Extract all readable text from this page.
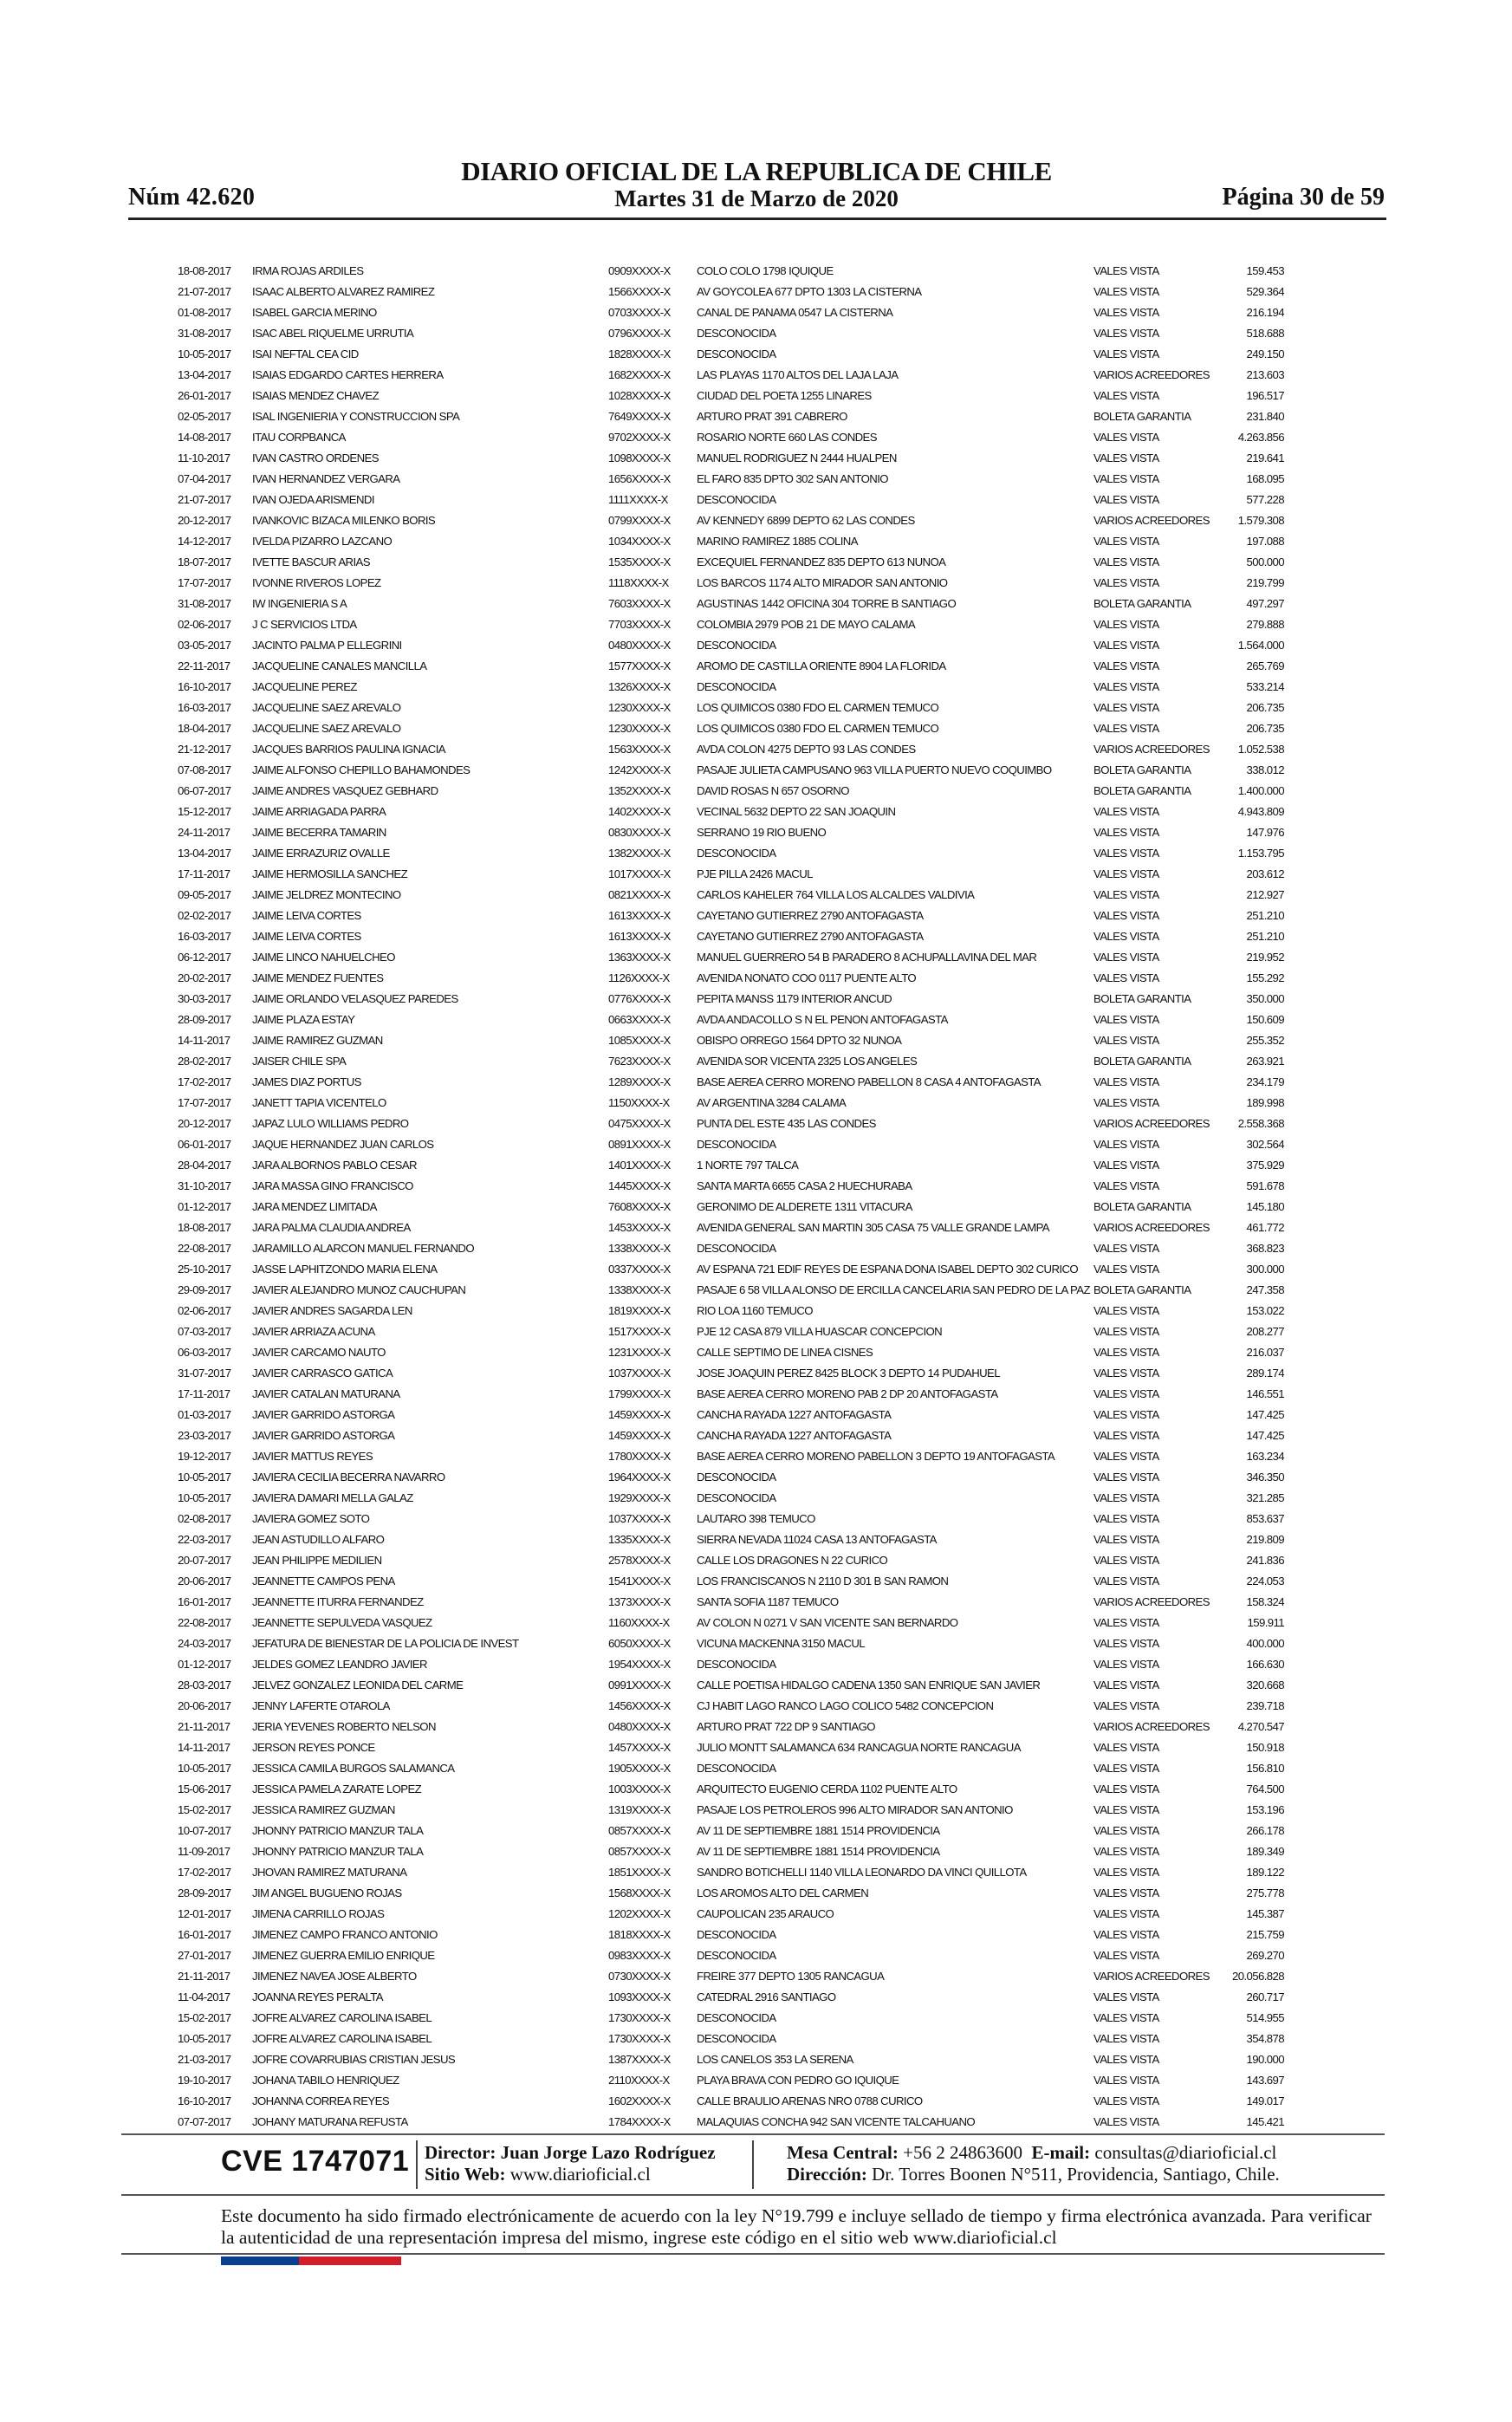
Núm 42.620
DIARIO OFICIAL DE LA REPUBLICA DE CHILE
Martes 31 de Marzo de 2020	Página 30 de 59
18-08-2017	IRMA ROJAS ARDILES	0909XXXX-X	COLO COLO 1798 IQUIQUE	VALES VISTA	159.453
21-07-2017	ISAAC ALBERTO ALVAREZ RAMIREZ	1566XXXX-X	AV GOYCOLEA 677 DPTO 1303 LA CISTERNA	VALES VISTA	529.364
01-08-2017	ISABEL GARCIA MERINO	0703XXXX-X	CANAL DE PANAMA 0547 LA CISTERNA	VALES VISTA	216.194
31-08-2017	ISAC ABEL RIQUELME URRUTIA	0796XXXX-X	DESCONOCIDA	VALES VISTA	518.688
10-05-2017	ISAI NEFTAL CEA CID	1828XXXX-X	DESCONOCIDA	VALES VISTA	249.150
13-04-2017	ISAIAS EDGARDO CARTES HERRERA	1682XXXX-X	LAS PLAYAS 1170 ALTOS DEL LAJA LAJA	VARIOS ACREEDORES	213.603
26-01-2017	ISAIAS MENDEZ CHAVEZ	1028XXXX-X	CIUDAD DEL POETA 1255 LINARES	VALES VISTA	196.517
02-05-2017	ISAL INGENIERIA Y CONSTRUCCION SPA	7649XXXX-X	ARTURO PRAT 391 CABRERO	BOLETA GARANTIA	231.840
14-08-2017	ITAU CORPBANCA	9702XXXX-X	ROSARIO NORTE 660 LAS CONDES	VALES VISTA	4.263.856
11-10-2017	IVAN CASTRO ORDENES	1098XXXX-X	MANUEL RODRIGUEZ N 2444 HUALPEN	VALES VISTA	219.641
07-04-2017	IVAN HERNANDEZ VERGARA	1656XXXX-X	EL FARO 835 DPTO 302 SAN ANTONIO	VALES VISTA	168.095
21-07-2017	IVAN OJEDA ARISMENDI	1111XXXX-X	DESCONOCIDA	VALES VISTA	577.228
20-12-2017	IVANKOVIC BIZACA MILENKO BORIS	0799XXXX-X	AV KENNEDY 6899 DEPTO 62 LAS CONDES	VARIOS ACREEDORES	1.579.308
14-12-2017	IVELDA PIZARRO LAZCANO	1034XXXX-X	MARINO RAMIREZ 1885 COLINA	VALES VISTA	197.088
18-07-2017	IVETTE BASCUR ARIAS	1535XXXX-X	EXCEQUIEL FERNANDEZ 835 DEPTO 613 NUNOA	VALES VISTA	500.000
17-07-2017	IVONNE RIVEROS LOPEZ	1118XXXX-X	LOS BARCOS 1174 ALTO MIRADOR SAN ANTONIO	VALES VISTA	219.799
31-08-2017	IW INGENIERIA S A	7603XXXX-X	AGUSTINAS 1442 OFICINA 304 TORRE B SANTIAGO	BOLETA GARANTIA	497.297
02-06-2017	J C SERVICIOS LTDA	7703XXXX-X	COLOMBIA 2979 POB 21 DE MAYO CALAMA	VALES VISTA	279.888
03-05-2017	JACINTO PALMA P ELLEGRINI	0480XXXX-X	DESCONOCIDA	VALES VISTA	1.564.000
22-11-2017	JACQUELINE CANALES MANCILLA	1577XXXX-X	AROMO DE CASTILLA ORIENTE 8904 LA FLORIDA	VALES VISTA	265.769
16-10-2017	JACQUELINE PEREZ	1326XXXX-X	DESCONOCIDA	VALES VISTA	533.214
16-03-2017	JACQUELINE SAEZ AREVALO	1230XXXX-X	LOS QUIMICOS 0380 FDO EL CARMEN TEMUCO	VALES VISTA	206.735
18-04-2017	JACQUELINE SAEZ AREVALO	1230XXXX-X	LOS QUIMICOS 0380 FDO EL CARMEN TEMUCO	VALES VISTA	206.735
21-12-2017	JACQUES BARRIOS PAULINA IGNACIA	1563XXXX-X	AVDA COLON 4275 DEPTO 93 LAS CONDES	VARIOS ACREEDORES	1.052.538
07-08-2017	JAIME ALFONSO CHEPILLO BAHAMONDES	1242XXXX-X	PASAJE JULIETA CAMPUSANO 963 VILLA PUERTO NUEVO COQUIMBO	BOLETA GARANTIA	338.012
06-07-2017	JAIME ANDRES VASQUEZ GEBHARD	1352XXXX-X	DAVID ROSAS N 657 OSORNO	BOLETA GARANTIA	1.400.000
15-12-2017	JAIME ARRIAGADA PARRA	1402XXXX-X	VECINAL 5632 DEPTO 22 SAN JOAQUIN	VALES VISTA	4.943.809
24-11-2017	JAIME BECERRA TAMARIN	0830XXXX-X	SERRANO 19 RIO BUENO	VALES VISTA	147.976
13-04-2017	JAIME ERRAZURIZ OVALLE	1382XXXX-X	DESCONOCIDA	VALES VISTA	1.153.795
17-11-2017	JAIME HERMOSILLA SANCHEZ	1017XXXX-X	PJE PILLA 2426 MACUL	VALES VISTA	203.612
09-05-2017	JAIME JELDREZ MONTECINO	0821XXXX-X	CARLOS KAHELER 764 VILLA LOS ALCALDES VALDIVIA	VALES VISTA	212.927
02-02-2017	JAIME LEIVA CORTES	1613XXXX-X	CAYETANO GUTIERREZ 2790 ANTOFAGASTA	VALES VISTA	251.210
16-03-2017	JAIME LEIVA CORTES	1613XXXX-X	CAYETANO GUTIERREZ 2790 ANTOFAGASTA	VALES VISTA	251.210
06-12-2017	JAIME LINCO NAHUELCHEO	1363XXXX-X	MANUEL GUERRERO 54 B PARADERO 8 ACHUPALLAVINA DEL MAR	VALES VISTA	219.952
20-02-2017	JAIME MENDEZ FUENTES	1126XXXX-X	AVENIDA NONATO COO 0117 PUENTE ALTO	VALES VISTA	155.292
30-03-2017	JAIME ORLANDO VELASQUEZ PAREDES	0776XXXX-X	PEPITA MANSS 1179 INTERIOR ANCUD	BOLETA GARANTIA	350.000
28-09-2017	JAIME PLAZA ESTAY	0663XXXX-X	AVDA ANDACOLLO S N EL PENON ANTOFAGASTA	VALES VISTA	150.609
14-11-2017	JAIME RAMIREZ GUZMAN	1085XXXX-X	OBISPO ORREGO 1564 DPTO 32 NUNOA	VALES VISTA	255.352
28-02-2017	JAISER CHILE SPA	7623XXXX-X	AVENIDA SOR VICENTA 2325 LOS ANGELES	BOLETA GARANTIA	263.921
17-02-2017	JAMES DIAZ PORTUS	1289XXXX-X	BASE AEREA CERRO MORENO PABELLON 8 CASA 4 ANTOFAGASTA	VALES VISTA	234.179
17-07-2017	JANETT TAPIA VICENTELO	1150XXXX-X	AV ARGENTINA 3284 CALAMA	VALES VISTA	189.998
20-12-2017	JAPAZ LULO WILLIAMS PEDRO	0475XXXX-X	PUNTA DEL ESTE 435 LAS CONDES	VARIOS ACREEDORES	2.558.368
06-01-2017	JAQUE HERNANDEZ JUAN CARLOS	0891XXXX-X	DESCONOCIDA	VALES VISTA	302.564
28-04-2017	JARA ALBORNOS PABLO CESAR	1401XXXX-X	1 NORTE 797 TALCA	VALES VISTA	375.929
31-10-2017	JARA MASSA GINO FRANCISCO	1445XXXX-X	SANTA MARTA 6655 CASA 2 HUECHURABA	VALES VISTA	591.678
01-12-2017	JARA MENDEZ LIMITADA	7608XXXX-X	GERONIMO DE ALDERETE 1311 VITACURA	BOLETA GARANTIA	145.180
18-08-2017	JARA PALMA CLAUDIA ANDREA	1453XXXX-X	AVENIDA GENERAL SAN MARTIN 305 CASA 75 VALLE GRANDE LAMPA	VARIOS ACREEDORES	461.772
22-08-2017	JARAMILLO ALARCON MANUEL FERNANDO	1338XXXX-X	DESCONOCIDA	VALES VISTA	368.823
25-10-2017	JASSE LAPHITZONDO MARIA ELENA	0337XXXX-X	AV ESPANA 721 EDIF REYES DE ESPANA DONA ISABEL DEPTO 302 CURICO	VALES VISTA	300.000
29-09-2017	JAVIER ALEJANDRO MUNOZ CAUCHUPAN	1338XXXX-X	PASAJE 6 58 VILLA ALONSO DE ERCILLA CANCELARIA SAN PEDRO DE LA PAZ BOLETA GARANTIA	247.358
02-06-2017	JAVIER ANDRES SAGARDA LEN	1819XXXX-X	RIO LOA 1160 TEMUCO	VALES VISTA	153.022
07-03-2017	JAVIER ARRIAZA ACUNA	1517XXXX-X	PJE 12 CASA 879 VILLA HUASCAR CONCEPCION	VALES VISTA	208.277
06-03-2017	JAVIER CARCAMO NAUTO	1231XXXX-X	CALLE SEPTIMO DE LINEA CISNES	VALES VISTA	216.037
31-07-2017	JAVIER CARRASCO GATICA	1037XXXX-X	JOSE JOAQUIN PEREZ 8425 BLOCK 3 DEPTO 14 PUDAHUEL	VALES VISTA	289.174
17-11-2017	JAVIER CATALAN MATURANA	1799XXXX-X	BASE AEREA CERRO MORENO PAB 2 DP 20 ANTOFAGASTA	VALES VISTA	146.551
01-03-2017	JAVIER GARRIDO ASTORGA	1459XXXX-X	CANCHA RAYADA 1227 ANTOFAGASTA	VALES VISTA	147.425
23-03-2017	JAVIER GARRIDO ASTORGA	1459XXXX-X	CANCHA RAYADA 1227 ANTOFAGASTA	VALES VISTA	147.425
19-12-2017	JAVIER MATTUS REYES	1780XXXX-X	BASE AEREA CERRO MORENO PABELLON 3 DEPTO 19 ANTOFAGASTA	VALES VISTA	163.234
10-05-2017	JAVIERA CECILIA BECERRA NAVARRO	1964XXXX-X	DESCONOCIDA	VALES VISTA	346.350
10-05-2017	JAVIERA DAMARI MELLA GALAZ	1929XXXX-X	DESCONOCIDA	VALES VISTA	321.285
02-08-2017	JAVIERA GOMEZ SOTO	1037XXXX-X	LAUTARO 398 TEMUCO	VALES VISTA	853.637
22-03-2017	JEAN ASTUDILLO ALFARO	1335XXXX-X	SIERRA NEVADA 11024 CASA 13 ANTOFAGASTA	VALES VISTA	219.809
20-07-2017	JEAN PHILIPPE MEDILIEN	2578XXXX-X	CALLE LOS DRAGONES N 22 CURICO	VALES VISTA	241.836
20-06-2017	JEANNETTE CAMPOS PENA	1541XXXX-X	LOS FRANCISCANOS N 2110 D 301 B SAN RAMON	VALES VISTA	224.053
16-01-2017	JEANNETTE ITURRA FERNANDEZ	1373XXXX-X	SANTA SOFIA 1187 TEMUCO	VARIOS ACREEDORES	158.324
22-08-2017	JEANNETTE SEPULVEDA VASQUEZ	1160XXXX-X	AV COLON N 0271 V SAN VICENTE SAN BERNARDO	VALES VISTA	159.911
24-03-2017	JEFATURA DE BIENESTAR DE LA POLICIA DE INVEST	6050XXXX-X	VICUNA MACKENNA 3150 MACUL	VALES VISTA	400.000
01-12-2017	JELDES GOMEZ LEANDRO JAVIER	1954XXXX-X	DESCONOCIDA	VALES VISTA	166.630
28-03-2017	JELVEZ GONZALEZ LEONIDA DEL CARME	0991XXXX-X	CALLE POETISA HIDALGO CADENA 1350 SAN ENRIQUE SAN JAVIER	VALES VISTA	320.668
20-06-2017	JENNY LAFERTE OTAROLA	1456XXXX-X	CJ HABIT LAGO RANCO LAGO COLICO 5482 CONCEPCION	VALES VISTA	239.718
21-11-2017	JERIA YEVENES ROBERTO NELSON	0480XXXX-X	ARTURO PRAT 722 DP 9 SANTIAGO	VARIOS ACREEDORES	4.270.547
14-11-2017	JERSON REYES PONCE	1457XXXX-X	JULIO MONTT SALAMANCA 634 RANCAGUA NORTE RANCAGUA	VALES VISTA	150.918
10-05-2017	JESSICA CAMILA BURGOS SALAMANCA	1905XXXX-X	DESCONOCIDA	VALES VISTA	156.810
15-06-2017	JESSICA PAMELA ZARATE LOPEZ	1003XXXX-X	ARQUITECTO EUGENIO CERDA 1102 PUENTE ALTO	VALES VISTA	764.500
15-02-2017	JESSICA RAMIREZ GUZMAN	1319XXXX-X	PASAJE LOS PETROLEROS 996 ALTO MIRADOR SAN ANTONIO	VALES VISTA	153.196
10-07-2017	JHONNY PATRICIO MANZUR TALA	0857XXXX-X	AV 11 DE SEPTIEMBRE 1881 1514 PROVIDENCIA	VALES VISTA	266.178
11-09-2017	JHONNY PATRICIO MANZUR TALA	0857XXXX-X	AV 11 DE SEPTIEMBRE 1881 1514 PROVIDENCIA	VALES VISTA	189.349
17-02-2017	JHOVAN RAMIREZ MATURANA	1851XXXX-X	SANDRO BOTICHELLI 1140 VILLA LEONARDO DA VINCI QUILLOTA	VALES VISTA	189.122
28-09-2017	JIM ANGEL BUGUENO ROJAS	1568XXXX-X	LOS AROMOS ALTO DEL CARMEN	VALES VISTA	275.778
12-01-2017	JIMENA CARRILLO ROJAS	1202XXXX-X	CAUPOLICAN 235 ARAUCO	VALES VISTA	145.387
16-01-2017	JIMENEZ CAMPO FRANCO ANTONIO	1818XXXX-X	DESCONOCIDA	VALES VISTA	215.759
27-01-2017	JIMENEZ GUERRA EMILIO ENRIQUE	0983XXXX-X	DESCONOCIDA	VALES VISTA	269.270
21-11-2017	JIMENEZ NAVEA JOSE ALBERTO	0730XXXX-X	FREIRE 377 DEPTO 1305 RANCAGUA	VARIOS ACREEDORES	20.056.828
11-04-2017	JOANNA REYES PERALTA	1093XXXX-X	CATEDRAL 2916 SANTIAGO	VALES VISTA	260.717
15-02-2017	JOFRE ALVAREZ CAROLINA ISABEL	1730XXXX-X	DESCONOCIDA	VALES VISTA	514.955
10-05-2017	JOFRE ALVAREZ CAROLINA ISABEL	1730XXXX-X	DESCONOCIDA	VALES VISTA	354.878
21-03-2017	JOFRE COVARRUBIAS CRISTIAN JESUS	1387XXXX-X	LOS CANELOS 353 LA SERENA	VALES VISTA	190.000
19-10-2017	JOHANA TABILO HENRIQUEZ	2110XXXX-X	PLAYA BRAVA CON PEDRO GO IQUIQUE	VALES VISTA	143.697
16-10-2017	JOHANNA CORREA REYES	1602XXXX-X	CALLE BRAULIO ARENAS NRO 0788 CURICO	VALES VISTA	149.017
07-07-2017	JOHANY MATURANA REFUSTA	1784XXXX-X	MALAQUIAS CONCHA 942 SAN VICENTE TALCAHUANO	VALES VISTA	145.421
CVE 1747071 Director: Juan Jorge Lazo Rodríguez
Sitio Web: www.diarioficial.cl
Mesa Central: +56 2 24863600 E-mail: consultas@diarioficial.cl
Dirección: Dr. Torres Boonen N°511, Providencia, Santiago, Chile.
Este documento ha sido firmado electrónicamente de acuerdo con la ley N°19.799 e incluye sellado de tiempo y firma electrónica avanzada. Para verificar la autenticidad de una representación impresa del mismo, ingrese este código en el sitio web www.diarioficial.cl
